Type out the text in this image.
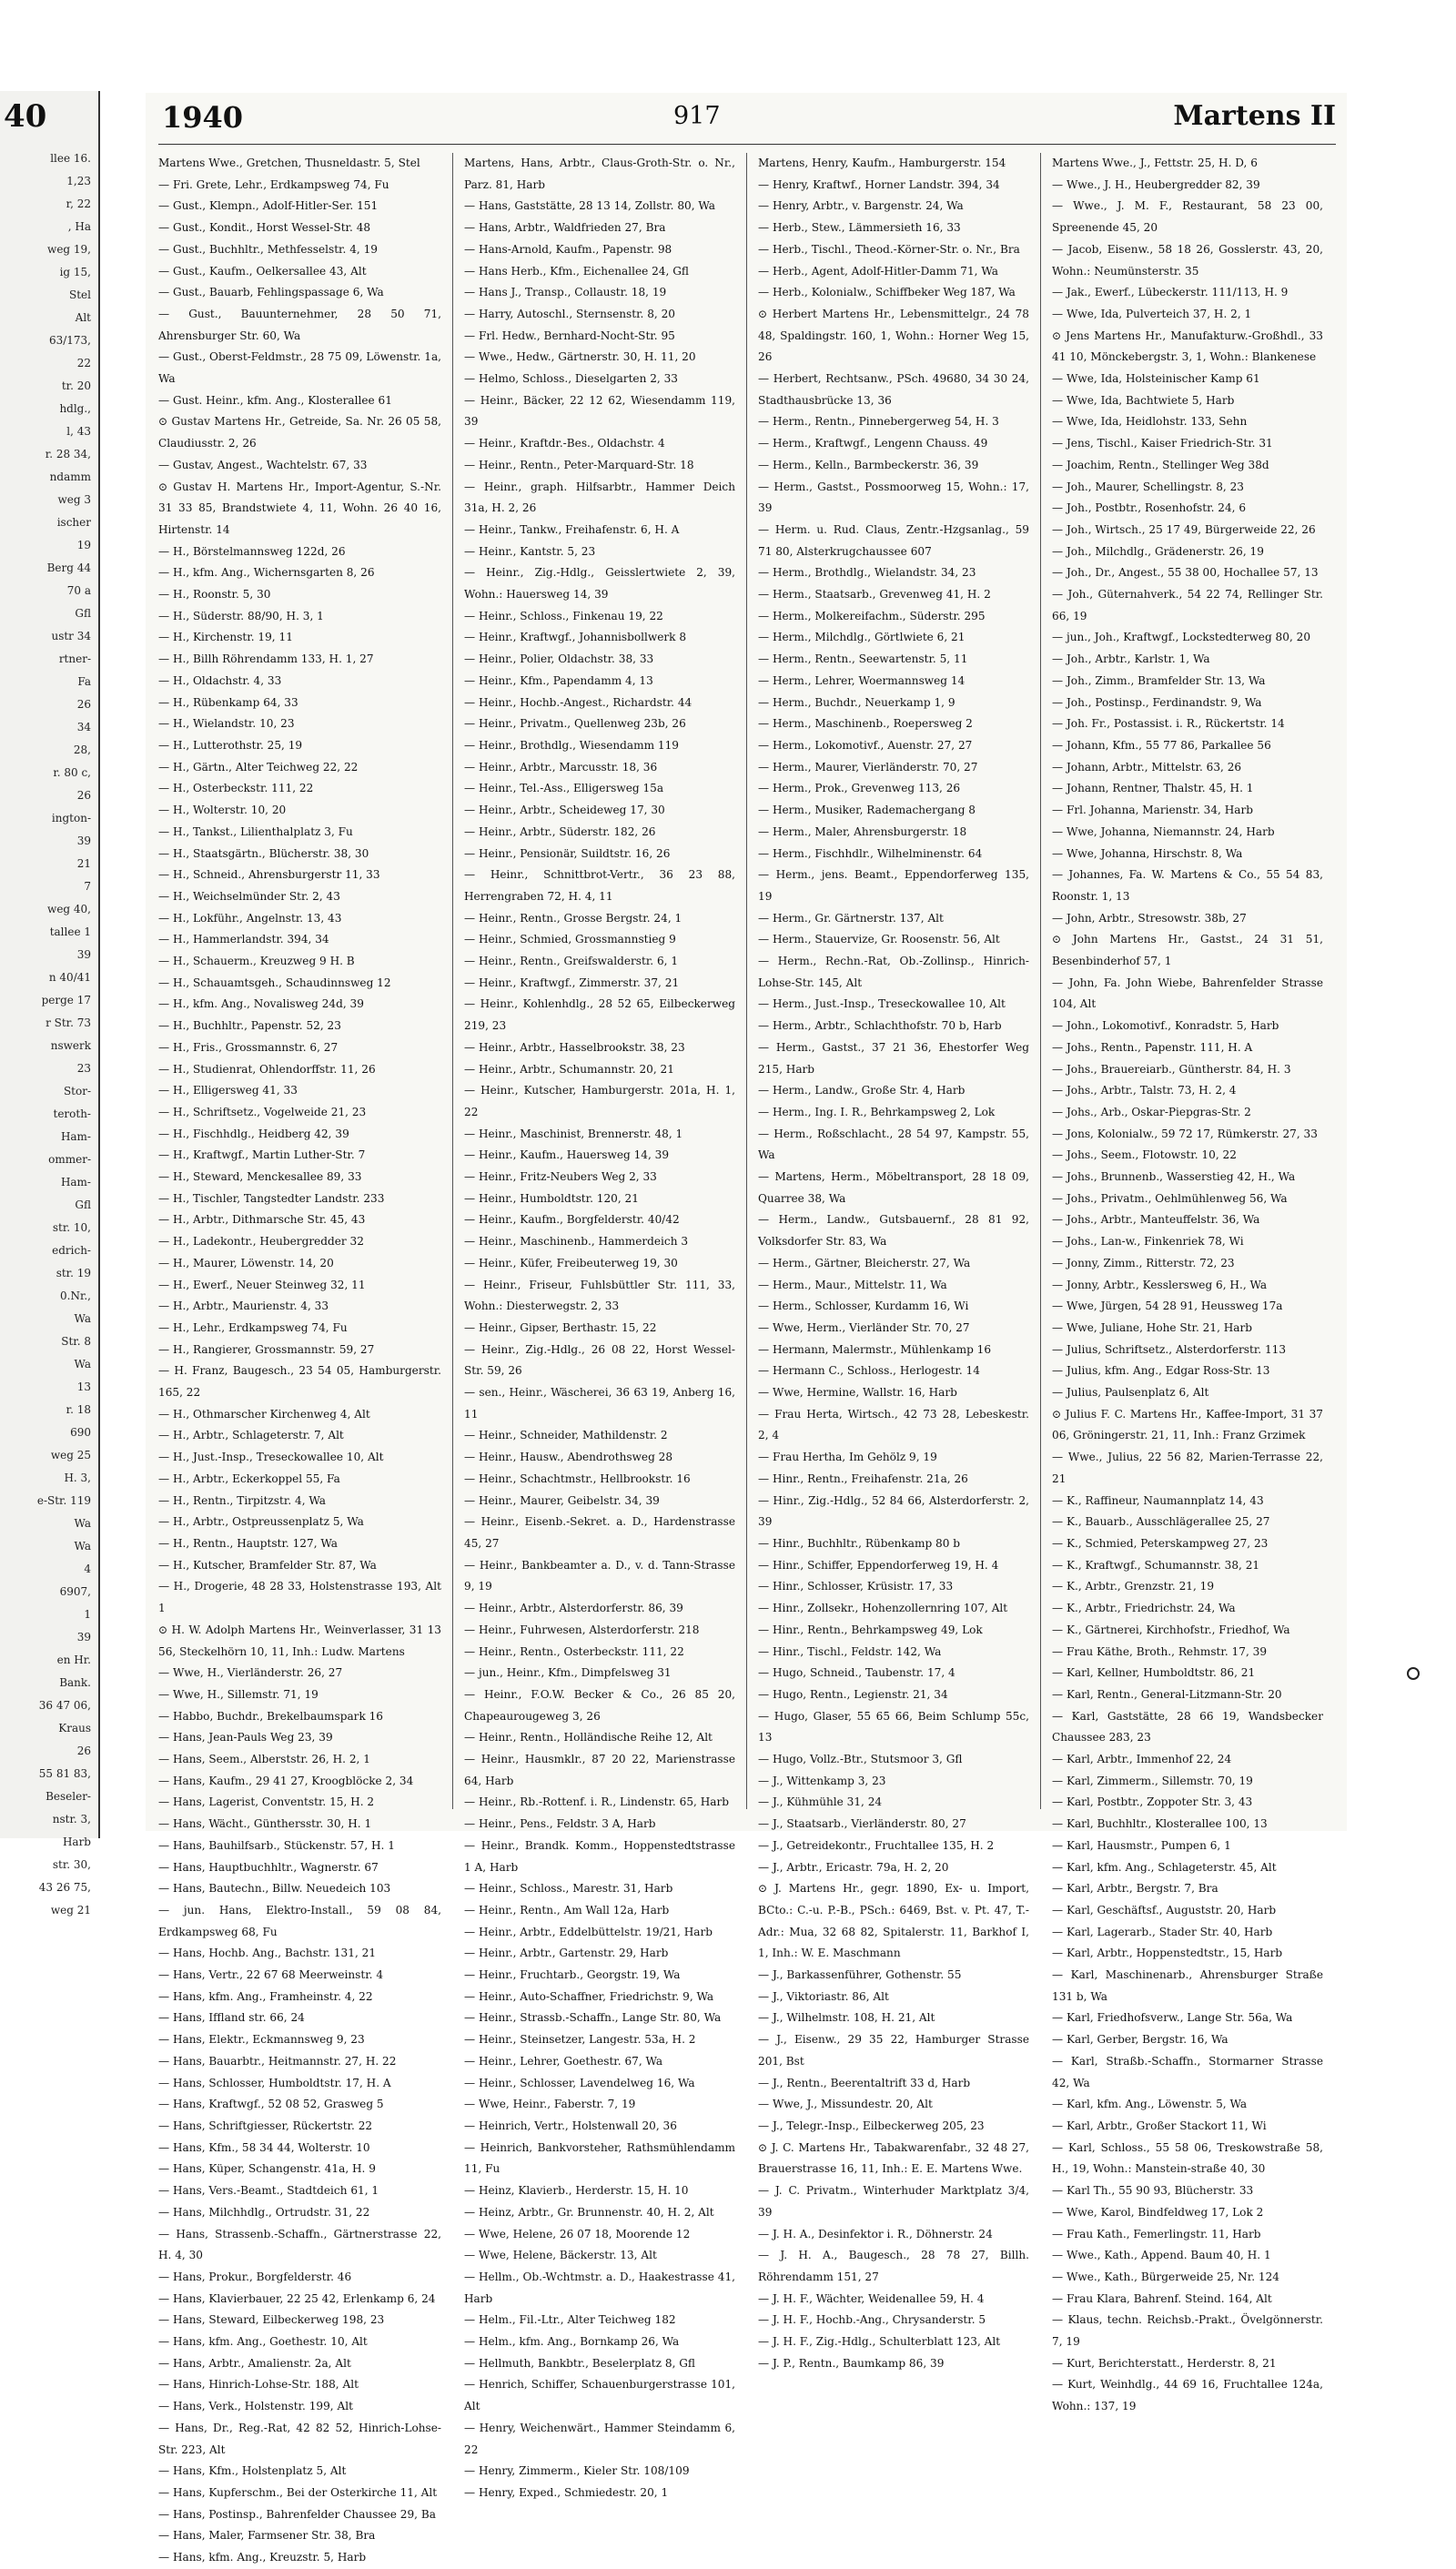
40
llee 16.
1,23
r, 22
, Ha
weg 19,
ig 15,
Stel
Alt
63/173,
22
tr. 20
hdlg.,
l, 43
r. 28 34,
ndamm
weg 3
ischer
19
Berg 44
70 a
Gfl
ustr 34
rtner-
Fa
26
34
28,
r. 80 c,
26
ington-
39
21
7
weg 40,
tallee 1
39
n 40/41
perge 17
r Str. 73
nswerk
23
Stor-
teroth-
Ham-
ommer-
Ham-
Gfl
str. 10,
edrich-
str. 19
0.Nr.,
Wa
Str. 8
Wa
13
r. 18
690
weg 25
H. 3,
e-Str. 119
Wa
Wa
4
6907,
1
39
en Hr.
Bank.
36 47 06,
Kraus
26
55 81 83,
Beseler-
nstr. 3,
Harb
str. 30,
43 26 75,
weg 21
1940	917	Martens II
Martens Wwe., Gretchen, Thusneldastr. 5, Stel
— Fri. Grete, Lehr., Erdkampsweg 74, Fu
— Gust., Klempn., Adolf-Hitler-Ser. 151
— Gust., Kondit., Horst Wessel-Str. 48
— Gust., Buchhltr., Methfesselstr. 4, 19
— Gust., Kaufm., Oelkersallee 43, Alt
— Gust., Bauarb, Fehlingspassage 6, Wa
— Gust., Bauunternehmer, 28 50 71, Ahrensburger Str. 60, Wa
— Gust., Oberst-Feldmstr., 28 75 09, Löwenstr. 1a, Wa
— Gust. Heinr., kfm. Ang., Klosterallee 61
⊙ Gustav Martens Hr., Getreide, Sa. Nr. 26 05 58, Claudiusstr. 2, 26
— Gustav, Angest., Wachtelstr. 67, 33
⊙ Gustav H. Martens Hr., Import-Agentur, S.-Nr. 31 33 85, Brandstwiete 4, 11, Wohn. 26 40 16, Hirtenstr. 14
— H., Börstelmannsweg 122d, 26
— H., kfm. Ang., Wichernsgarten 8, 26
— H., Roonstr. 5, 30
— H., Süderstr. 88/90, H. 3, 1
— H., Kirchenstr. 19, 11
— H., Billh Röhrendamm 133, H. 1, 27
— H., Oldachstr. 4, 33
— H., Rübenkamp 64, 33
— H., Wielandstr. 10, 23
— H., Lutterothstr. 25, 19
— H., Gärtn., Alter Teichweg 22, 22
— H., Osterbeckstr. 111, 22
— H., Wolterstr. 10, 20
— H., Tankst., Lilienthalplatz 3, Fu
— H., Staatsgärtn., Blücherstr. 38, 30
— H., Schneid., Ahrensburgerstr 11, 33
— H., Weichselmünder Str. 2, 43
— H., Lokführ., Angelnstr. 13, 43
— H., Hammerlandstr. 394, 34
— H., Schauerm., Kreuzweg 9 H. B
— H., Schauamtsgeh., Schaudinnsweg 12
— H., kfm. Ang., Novalisweg 24d, 39
— H., Buchhltr., Papenstr. 52, 23
— H., Fris., Grossmannstr. 6, 27
— H., Studienrat, Ohlendorffstr. 11, 26
— H., Elligersweg 41, 33
— H., Schriftsetz., Vogelweide 21, 23
— H., Fischhdlg., Heidberg 42, 39
— H., Kraftwgf., Martin Luther-Str. 7
— H., Steward, Menckesallee 89, 33
— H., Tischler, Tangstedter Landstr. 233
— H., Arbtr., Dithmarsche Str. 45, 43
— H., Ladekontr., Heubergredder 32
— H., Maurer, Löwenstr. 14, 20
— H., Ewerf., Neuer Steinweg 32, 11
— H., Arbtr., Maurienstr. 4, 33
— H., Lehr., Erdkampsweg 74, Fu
— H., Rangierer, Grossmannstr. 59, 27
— H. Franz, Baugesch., 23 54 05, Hamburgerstr. 165, 22
— H., Othmarscher Kirchenweg 4, Alt
— H., Arbtr., Schlageterstr. 7, Alt
— H., Just.-Insp., Treseckowallee 10, Alt
— H., Arbtr., Eckerkoppel 55, Fa
— H., Rentn., Tirpitzstr. 4, Wa
— H., Arbtr., Ostpreussenplatz 5, Wa
— H., Rentn., Hauptstr. 127, Wa
— H., Kutscher, Bramfelder Str. 87, Wa
— H., Drogerie, 48 28 33, Holstenstrasse 193, Alt 1
⊙ H. W. Adolph Martens Hr., Weinverlasser, 31 13 56, Steckelhörn 10, 11, Inh.: Ludw. Martens
— Wwe, H., Vierländerstr. 26, 27
— Wwe, H., Sillemstr. 71, 19
— Habbo, Buchdr., Brekelbaumspark 16
— Hans, Jean-Pauls Weg 23, 39
— Hans, Seem., Alberststr. 26, H. 2, 1
— Hans, Kaufm., 29 41 27, Kroogblöcke 2, 34
— Hans, Lagerist, Conventstr. 15, H. 2
— Hans, Wächt., Günthersstr. 30, H. 1
— Hans, Bauhilfsarb., Stückenstr. 57, H. 1
— Hans, Hauptbuchhltr., Wagnerstr. 67
— Hans, Bautechn., Billw. Neuedeich 103
— jun. Hans, Elektro-Install., 59 08 84, Erdkampsweg 68, Fu
— Hans, Hochb. Ang., Bachstr. 131, 21
— Hans, Vertr., 22 67 68 Meerweinstr. 4
— Hans, kfm. Ang., Framheinstr. 4, 22
— Hans, Iffland str. 66, 24
— Hans, Elektr., Eckmannsweg 9, 23
— Hans, Bauarbtr., Heitmannstr. 27, H. 22
— Hans, Schlosser, Humboldtstr. 17, H. A
— Hans, Kraftwgf., 52 08 52, Grasweg 5
— Hans, Schriftgiesser, Rückertstr. 22
— Hans, Kfm., 58 34 44, Wolterstr. 10
— Hans, Küper, Schangenstr. 41a, H. 9
— Hans, Vers.-Beamt., Stadtdeich 61, 1
— Hans, Milchhdlg., Ortrudstr. 31, 22
— Hans, Strassenb.-Schaffn., Gärtnerstrasse 22, H. 4, 30
— Hans, Prokur., Borgfelderstr. 46
— Hans, Klavierbauer, 22 25 42, Erlenkamp 6, 24
— Hans, Steward, Eilbeckerweg 198, 23
— Hans, kfm. Ang., Goethestr. 10, Alt
— Hans, Arbtr., Amalienstr. 2a, Alt
— Hans, Hinrich-Lohse-Str. 188, Alt
— Hans, Verk., Holstenstr. 199, Alt
— Hans, Dr., Reg.-Rat, 42 82 52, Hinrich-Lohse-Str. 223, Alt
— Hans, Kfm., Holstenplatz 5, Alt
— Hans, Kupferschm., Bei der Osterkirche 11, Alt
— Hans, Postinsp., Bahrenfelder Chaussee 29, Ba
— Hans, Maler, Farmsener Str. 38, Bra
— Hans, kfm. Ang., Kreuzstr. 5, Harb
Martens, Hans, Arbtr., Claus-Groth-Str. o. Nr., Parz. 81, Harb
— Hans, Gaststätte, 28 13 14, Zollstr. 80, Wa
— Hans, Arbtr., Waldfrieden 27, Bra
— Hans-Arnold, Kaufm., Papenstr. 98
— Hans Herb., Kfm., Eichenallee 24, Gfl
— Hans J., Transp., Collaustr. 18, 19
— Harry, Autoschl., Sternsenstr. 8, 20
— Frl. Hedw., Bernhard-Nocht-Str. 95
— Wwe., Hedw., Gärtnerstr. 30, H. 11, 20
— Helmo, Schloss., Dieselgarten 2, 33
— Heinr., Bäcker, 22 12 62, Wiesendamm 119, 39
— Heinr., Kraftdr.-Bes., Oldachstr. 4
— Heinr., Rentn., Peter-Marquard-Str. 18
— Heinr., graph. Hilfsarbtr., Hammer Deich 31a, H. 2, 26
— Heinr., Tankw., Freihafenstr. 6, H. A
— Heinr., Kantstr. 5, 23
— Heinr., Zig.-Hdlg., Geisslertwiete 2, 39, Wohn.: Hauersweg 14, 39
— Heinr., Schloss., Finkenau 19, 22
— Heinr., Kraftwgf., Johannisbollwerk 8
— Heinr., Polier, Oldachstr. 38, 33
— Heinr., Kfm., Papendamm 4, 13
— Heinr., Hochb.-Angest., Richardstr. 44
— Heinr., Privatm., Quellenweg 23b, 26
— Heinr., Brothdlg., Wiesendamm 119
— Heinr., Arbtr., Marcusstr. 18, 36
— Heinr., Tel.-Ass., Elligersweg 15a
— Heinr., Arbtr., Scheideweg 17, 30
— Heinr., Arbtr., Süderstr. 182, 26
— Heinr., Pensionär, Suildtstr. 16, 26
— Heinr., Schnittbrot-Vertr., 36 23 88, Herrengraben 72, H. 4, 11
— Heinr., Rentn., Grosse Bergstr. 24, 1
— Heinr., Schmied, Grossmannstieg 9
— Heinr., Rentn., Greifswalderstr. 6, 1
— Heinr., Kraftwgf., Zimmerstr. 37, 21
— Heinr., Kohlenhdlg., 28 52 65, Eilbeckerweg 219, 23
— Heinr., Arbtr., Hasselbrookstr. 38, 23
— Heinr., Arbtr., Schumannstr. 20, 21
— Heinr., Kutscher, Hamburgerstr. 201a, H. 1, 22
— Heinr., Maschinist, Brennerstr. 48, 1
— Heinr., Kaufm., Hauersweg 14, 39
— Heinr., Fritz-Neubers Weg 2, 33
— Heinr., Humboldtstr. 120, 21
— Heinr., Kaufm., Borgfelderstr. 40/42
— Heinr., Maschinenb., Hammerdeich 3
— Heinr., Küfer, Freibeuterweg 19, 30
— Heinr., Friseur, Fuhlsbüttler Str. 111, 33, Wohn.: Diesterwegstr. 2, 33
— Heinr., Gipser, Berthastr. 15, 22
— Heinr., Zig.-Hdlg., 26 08 22, Horst Wessel-Str. 59, 26
— sen., Heinr., Wäscherei, 36 63 19, Anberg 16, 11
— Heinr., Schneider, Mathildenstr. 2
— Heinr., Hausw., Abendrothsweg 28
— Heinr., Schachtmstr., Hellbrookstr. 16
— Heinr., Maurer, Geibelstr. 34, 39
— Heinr., Eisenb.-Sekret. a. D., Hardenstrasse 45, 27
— Heinr., Bankbeamter a. D., v. d. Tann-Strasse 9, 19
— Heinr., Arbtr., Alsterdorferstr. 86, 39
— Heinr., Fuhrwesen, Alsterdorferstr. 218
— Heinr., Rentn., Osterbeckstr. 111, 22
— jun., Heinr., Kfm., Dimpfelsweg 31
— Heinr., F.O.W. Becker & Co., 26 85 20, Chapeaurougeweg 3, 26
— Heinr., Rentn., Holländische Reihe 12, Alt
— Heinr., Hausmklr., 87 20 22, Marienstrasse 64, Harb
— Heinr., Rb.-Rottenf. i. R., Lindenstr. 65, Harb
— Heinr., Pens., Feldstr. 3 A, Harb
— Heinr., Brandk. Komm., Hoppenstedtstrasse 1 A, Harb
— Heinr., Schloss., Marestr. 31, Harb
— Heinr., Rentn., Am Wall 12a, Harb
— Heinr., Arbtr., Eddelbüttelstr. 19/21, Harb
— Heinr., Arbtr., Gartenstr. 29, Harb
— Heinr., Fruchtarb., Georgstr. 19, Wa
— Heinr., Auto-Schaffner, Friedrichstr. 9, Wa
— Heinr., Strassb.-Schaffn., Lange Str. 80, Wa
— Heinr., Steinsetzer, Langestr. 53a, H. 2
— Heinr., Lehrer, Goethestr. 67, Wa
— Heinr., Schlosser, Lavendelweg 16, Wa
— Wwe, Heinr., Faberstr. 7, 19
— Heinrich, Vertr., Holstenwall 20, 36
— Heinrich, Bankvorsteher, Rathsmühlendamm 11, Fu
— Heinz, Klavierb., Herderstr. 15, H. 10
— Heinz, Arbtr., Gr. Brunnenstr. 40, H. 2, Alt
— Wwe, Helene, 26 07 18, Moorende 12
— Wwe, Helene, Bäckerstr. 13, Alt
— Hellm., Ob.-Wchtmstr. a. D., Haakestrasse 41, Harb
— Helm., Fil.-Ltr., Alter Teichweg 182
— Helm., kfm. Ang., Bornkamp 26, Wa
— Hellmuth, Bankbtr., Beselerplatz 8, Gfl
— Henrich, Schiffer, Schauenburgerstrasse 101, Alt
— Henry, Weichenwärt., Hammer Steindamm 6, 22
— Henry, Zimmerm., Kieler Str. 108/109
— Henry, Exped., Schmiedestr. 20, 1
Martens, Henry, Kaufm., Hamburgerstr. 154
— Henry, Kraftwf., Horner Landstr. 394, 34
— Henry, Arbtr., v. Bargenstr. 24, Wa
— Herb., Stew., Lämmersieth 16, 33
— Herb., Tischl., Theod.-Körner-Str. o. Nr., Bra
— Herb., Agent, Adolf-Hitler-Damm 71, Wa
— Herb., Kolonialw., Schiffbeker Weg 187, Wa
⊙ Herbert Martens Hr., Lebensmittelgr., 24 78 48, Spaldingstr. 160, 1, Wohn.: Horner Weg 15, 26
— Herbert, Rechtsanw., PSch. 49680, 34 30 24, Stadthausbrücke 13, 36
— Herm., Rentn., Pinnebergerweg 54, H. 3
— Herm., Kraftwgf., Lengenn Chauss. 49
— Herm., Kelln., Barmbeckerstr. 36, 39
— Herm., Gastst., Possmoorweg 15, Wohn.: 17, 39
— Herm. u. Rud. Claus, Zentr.-Hzgsanlag., 59 71 80, Alsterkrugchaussee 607
— Herm., Brothdlg., Wielandstr. 34, 23
— Herm., Staatsarb., Grevenweg 41, H. 2
— Herm., Molkereifachm., Süderstr. 295
— Herm., Milchdlg., Görtlwiete 6, 21
— Herm., Rentn., Seewartenstr. 5, 11
— Herm., Lehrer, Woermannsweg 14
— Herm., Buchdr., Neuerkamp 1, 9
— Herm., Maschinenb., Roepersweg 2
— Herm., Lokomotivf., Auenstr. 27, 27
— Herm., Maurer, Vierländerstr. 70, 27
— Herm., Prok., Grevenweg 113, 26
— Herm., Musiker, Rademachergang 8
— Herm., Maler, Ahrensburgerstr. 18
— Herm., Fischhdlr., Wilhelminenstr. 64
— Herm., jens. Beamt., Eppendorferweg 135, 19
— Herm., Gr. Gärtnerstr. 137, Alt
— Herm., Stauervize, Gr. Roosenstr. 56, Alt
— Herm., Rechn.-Rat, Ob.-Zollinsp., Hinrich-Lohse-Str. 145, Alt
— Herm., Just.-Insp., Treseckowallee 10, Alt
— Herm., Arbtr., Schlachthofstr. 70 b, Harb
— Herm., Gastst., 37 21 36, Ehestorfer Weg 215, Harb
— Herm., Landw., Große Str. 4, Harb
— Herm., Ing. I. R., Behrkampsweg 2, Lok
— Herm., Roßschlacht., 28 54 97, Kampstr. 55, Wa
— Martens, Herm., Möbeltransport, 28 18 09, Quarree 38, Wa
— Herm., Landw., Gutsbauernf., 28 81 92, Volksdorfer Str. 83, Wa
— Herm., Gärtner, Bleicherstr. 27, Wa
— Herm., Maur., Mittelstr. 11, Wa
— Herm., Schlosser, Kurdamm 16, Wi
— Wwe, Herm., Vierländer Str. 70, 27
— Hermann, Malermstr., Mühlenkamp 16
— Hermann C., Schloss., Herlogestr. 14
— Wwe, Hermine, Wallstr. 16, Harb
— Frau Herta, Wirtsch., 42 73 28, Lebeskestr. 2, 4
— Frau Hertha, Im Gehölz 9, 19
— Hinr., Rentn., Freihafenstr. 21a, 26
— Hinr., Zig.-Hdlg., 52 84 66, Alsterdorferstr. 2, 39
— Hinr., Buchhltr., Rübenkamp 80 b
— Hinr., Schiffer, Eppendorferweg 19, H. 4
— Hinr., Schlosser, Krüsistr. 17, 33
— Hinr., Zollsekr., Hohenzollernring 107, Alt
— Hinr., Rentn., Behrkampsweg 49, Lok
— Hinr., Tischl., Feldstr. 142, Wa
— Hugo, Schneid., Taubenstr. 17, 4
— Hugo, Rentn., Legienstr. 21, 34
— Hugo, Glaser, 55 65 66, Beim Schlump 55c, 13
— Hugo, Vollz.-Btr., Stutsmoor 3, Gfl
— J., Wittenkamp 3, 23
— J., Kühmühle 31, 24
— J., Staatsarb., Vierländerstr. 80, 27
— J., Getreidekontr., Fruchtallee 135, H. 2
— J., Arbtr., Ericastr. 79a, H. 2, 20
⊙ J. Martens Hr., gegr. 1890, Ex- u. Import, BCto.: C.-u. P.-B., PSch.: 6469, Bst. v. Pt. 47, T.-Adr.: Mua, 32 68 82, Spitalerstr. 11, Barkhof I, 1, Inh.: W. E. Maschmann
— J., Barkassenführer, Gothenstr. 55
— J., Viktoriastr. 86, Alt
— J., Wilhelmstr. 108, H. 21, Alt
— J., Eisenw., 29 35 22, Hamburger Strasse 201, Bst
— J., Rentn., Beerentaltrift 33 d, Harb
— Wwe, J., Missundestr. 20, Alt
— J., Telegr.-Insp., Eilbeckerweg 205, 23
⊙ J. C. Martens Hr., Tabakwarenfabr., 32 48 27, Brauerstrasse 16, 11, Inh.: E. E. Martens Wwe.
— J. C. Privatm., Winterhuder Marktplatz 3/4, 39
— J. H. A., Desinfektor i. R., Döhnerstr. 24
— J. H. A., Baugesch., 28 78 27, Billh. Röhrendamm 151, 27
— J. H. F., Wächter, Weidenallee 59, H. 4
— J. H. F., Hochb.-Ang., Chrysanderstr. 5
— J. H. F., Zig.-Hdlg., Schulterblatt 123, Alt
— J. P., Rentn., Baumkamp 86, 39
Martens Wwe., J., Fettstr. 25, H. D, 6
— Wwe., J. H., Heubergredder 82, 39
— Wwe., J. M. F., Restaurant, 58 23 00, Spreenende 45, 20
— Jacob, Eisenw., 58 18 26, Gosslerstr. 43, 20, Wohn.: Neumünsterstr. 35
— Jak., Ewerf., Lübeckerstr. 111/113, H. 9
— Wwe, Ida, Pulverteich 37, H. 2, 1
⊙ Jens Martens Hr., Manufakturw.-Großhdl., 33 41 10, Mönckebergstr. 3, 1, Wohn.: Blankenese
— Wwe, Ida, Holsteinischer Kamp 61
— Wwe, Ida, Bachtwiete 5, Harb
— Wwe, Ida, Heidlohstr. 133, Sehn
— Jens, Tischl., Kaiser Friedrich-Str. 31
— Joachim, Rentn., Stellinger Weg 38d
— Joh., Maurer, Schellingstr. 8, 23
— Joh., Postbtr., Rosenhofstr. 24, 6
— Joh., Wirtsch., 25 17 49, Bürgerweide 22, 26
— Joh., Milchdlg., Grädenerstr. 26, 19
— Joh., Dr., Angest., 55 38 00, Hochallee 57, 13
— Joh., Güternahverk., 54 22 74, Rellinger Str. 66, 19
— jun., Joh., Kraftwgf., Lockstedterweg 80, 20
— Joh., Arbtr., Karlstr. 1, Wa
— Joh., Zimm., Bramfelder Str. 13, Wa
— Joh., Postinsp., Ferdinandstr. 9, Wa
— Joh. Fr., Postassist. i. R., Rückertstr. 14
— Johann, Kfm., 55 77 86, Parkallee 56
— Johann, Arbtr., Mittelstr. 63, 26
— Johann, Rentner, Thalstr. 45, H. 1
— Frl. Johanna, Marienstr. 34, Harb
— Wwe, Johanna, Niemannstr. 24, Harb
— Wwe, Johanna, Hirschstr. 8, Wa
— Johannes, Fa. W. Martens & Co., 55 54 83, Roonstr. 1, 13
— John, Arbtr., Stresowstr. 38b, 27
⊙ John Martens Hr., Gastst., 24 31 51, Besenbinderhof 57, 1
— John, Fa. John Wiebe, Bahrenfelder Strasse 104, Alt
— John., Lokomotivf., Konradstr. 5, Harb
— Johs., Rentn., Papenstr. 111, H. A
— Johs., Brauereiarb., Güntherstr. 84, H. 3
— Johs., Arbtr., Talstr. 73, H. 2, 4
— Johs., Arb., Oskar-Piepgras-Str. 2
— Jons, Kolonialw., 59 72 17, Rümkerstr. 27, 33
— Johs., Seem., Flotowstr. 10, 22
— Johs., Brunnenb., Wasserstieg 42, H., Wa
— Johs., Privatm., Oehlmühlenweg 56, Wa
— Johs., Arbtr., Manteuffelstr. 36, Wa
— Johs., Lan-w., Finkenriek 78, Wi
— Jonny, Zimm., Ritterstr. 72, 23
— Jonny, Arbtr., Kesslersweg 6, H., Wa
— Wwe, Jürgen, 54 28 91, Heussweg 17a
— Wwe, Juliane, Hohe Str. 21, Harb
— Julius, Schriftsetz., Alsterdorferstr. 113
— Julius, kfm. Ang., Edgar Ross-Str. 13
— Julius, Paulsenplatz 6, Alt
⊙ Julius F. C. Martens Hr., Kaffee-Import, 31 37 06, Gröningerstr. 21, 11, Inh.: Franz Grzimek
— Wwe., Julius, 22 56 82, Marien-Terrasse 22, 21
— K., Raffineur, Naumannplatz 14, 43
— K., Bauarb., Ausschlägerallee 25, 27
— K., Schmied, Peterskampweg 27, 23
— K., Kraftwgf., Schumannstr. 38, 21
— K., Arbtr., Grenzstr. 21, 19
— K., Arbtr., Friedrichstr. 24, Wa
— K., Gärtnerei, Kirchhofstr., Friedhof, Wa
— Frau Käthe, Broth., Rehmstr. 17, 39
— Karl, Kellner, Humboldtstr. 86, 21
— Karl, Rentn., General-Litzmann-Str. 20
— Karl, Gaststätte, 28 66 19, Wandsbecker Chaussee 283, 23
— Karl, Arbtr., Immenhof 22, 24
— Karl, Zimmerm., Sillemstr. 70, 19
— Karl, Postbtr., Zoppoter Str. 3, 43
— Karl, Buchhltr., Klosterallee 100, 13
— Karl, Hausmstr., Pumpen 6, 1
— Karl, kfm. Ang., Schlageterstr. 45, Alt
— Karl, Arbtr., Bergstr. 7, Bra
— Karl, Geschäftsf., Auguststr. 20, Harb
— Karl, Lagerarb., Stader Str. 40, Harb
— Karl, Arbtr., Hoppenstedtstr., 15, Harb
— Karl, Maschinenarb., Ahrensburger Straße 131 b, Wa
— Karl, Friedhofsverw., Lange Str. 56a, Wa
— Karl, Gerber, Bergstr. 16, Wa
— Karl, Straßb.-Schaffn., Stormarner Strasse 42, Wa
— Karl, kfm. Ang., Löwenstr. 5, Wa
— Karl, Arbtr., Großer Stackort 11, Wi
— Karl, Schloss., 55 58 06, Treskowstraße 58, H., 19, Wohn.: Manstein-straße 40, 30
— Karl Th., 55 90 93, Blücherstr. 33
— Wwe, Karol, Bindfeldweg 17, Lok 2
— Frau Kath., Femerlingstr. 11, Harb
— Wwe., Kath., Append. Baum 40, H. 1
— Wwe., Kath., Bürgerweide 25, Nr. 124
— Frau Klara, Bahrenf. Steind. 164, Alt
— Klaus, techn. Reichsb.-Prakt., Övelgönnerstr. 7, 19
— Kurt, Berichterstatt., Herderstr. 8, 21
— Kurt, Weinhdlg., 44 69 16, Fruchtallee 124a, Wohn.: 137, 19
